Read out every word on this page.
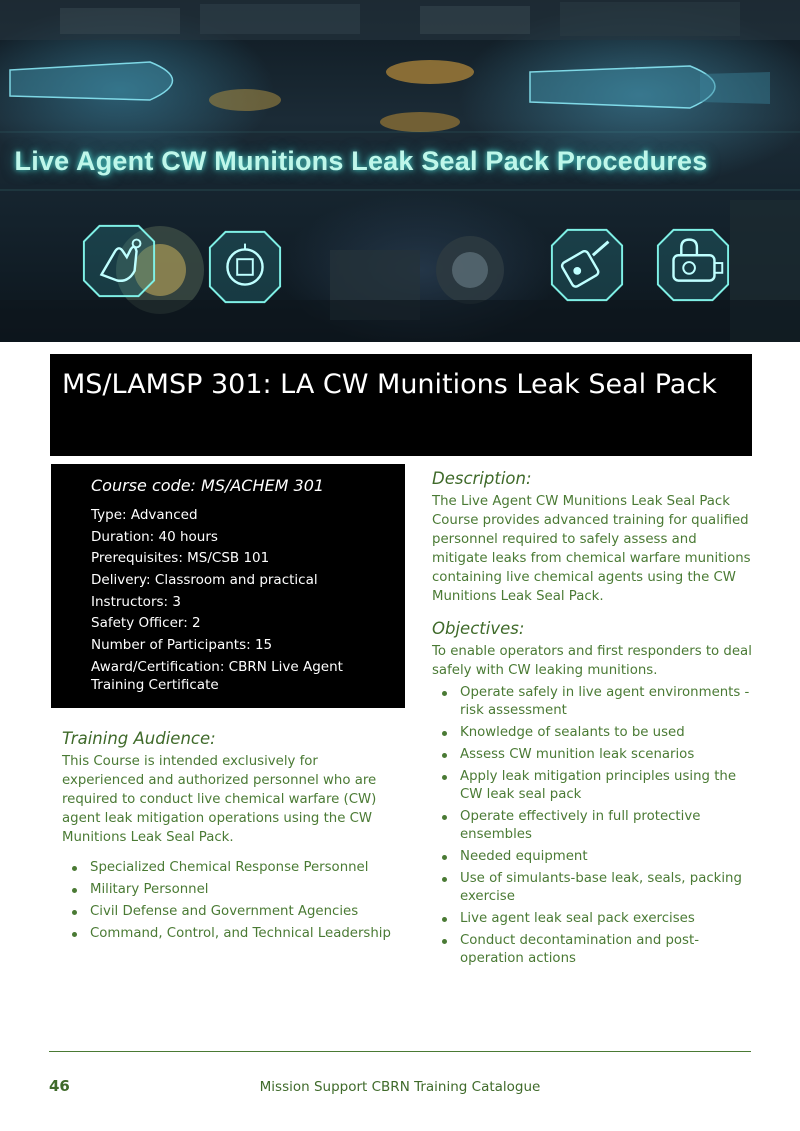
Live Agent CW Munitions Leak Seal Pack Procedures
MS/LAMSP 301: LA CW Munitions Leak Seal Pack
Course code: MS/ACHEM 301
Type: Advanced
Duration: 40 hours
Prerequisites: MS/CSB 101
Delivery: Classroom and practical
Instructors: 3
Safety Officer: 2
Number of Participants: 15
Award/Certification: CBRN Live Agent Training Certificate
Training Audience:

This Course is intended exclusively for experienced and authorized personnel who are required to conduct live chemical warfare (CW) agent leak mitigation operations using the CW Munitions Leak Seal Pack.

Specialized Chemical Response Personnel
Military Personnel
Civil Defense and Government Agencies
Command, Control, and Technical Leadership
Description:

The Live Agent CW Munitions Leak Seal Pack Course provides advanced training for qualified personnel required to safely assess and mitigate leaks from chemical warfare munitions containing live chemical agents using the CW Munitions Leak Seal Pack.

Objectives:

To enable operators and first responders to deal safely with CW leaking munitions.

Operate safely in live agent environments - risk assessment
Knowledge of sealants to be used
Assess CW munition leak scenarios
Apply leak mitigation principles using the CW leak seal pack
Operate effectively in full protective ensembles
Needed equipment
Use of simulants-base leak, seals, packing exercise
Live agent leak seal pack exercises
Conduct decontamination and post-operation actions
46	Mission Support CBRN Training Catalogue
